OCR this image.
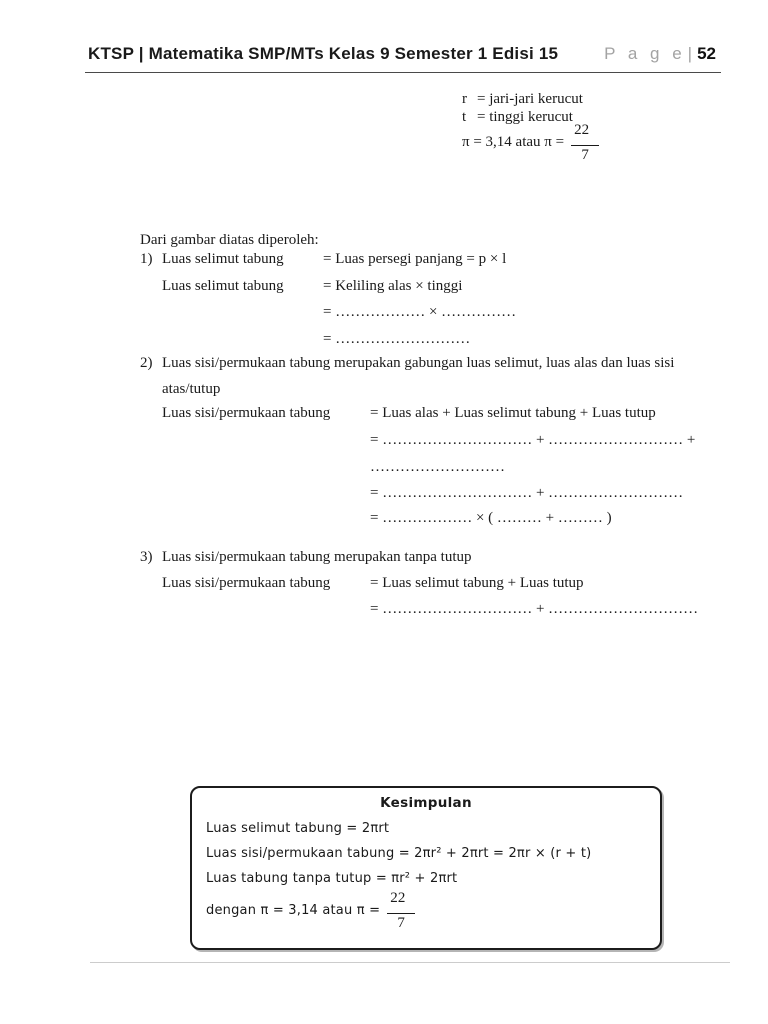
KTSP | Matematika SMP/MTs Kelas 9 Semester 1 Edisi 15	P a g e | 52
r = jari-jari kerucut
t = tinggi kerucut
π = 3,14 atau $\pi = \frac{22}{7}$
Dari gambar diatas diperoleh:
1) Luas selimut tabung	= Luas persegi panjang = p × l
Luas selimut tabung	= Keliling alas × tinggi
= ……………… × ……………
= ………………………
2) Luas sisi/permukaan tabung merupakan gabungan luas selimut, luas alas dan luas sisi
atas/tutup
Luas sisi/permukaan tabung	= Luas alas + Luas selimut tabung + Luas tutup
= ………………………… + ……………………… +
………………………
= ………………………… + ………………………
= ……………… × ( ……… + ……… )
3) Luas sisi/permukaan tabung merupakan tanpa tutup
Luas sisi/permukaan tabung	= Luas selimut tabung + Luas tutup
= ………………………… + …………………………
Kesimpulan
Luas selimut tabung = 2πrt
Luas sisi/permukaan tabung = 2πr² + 2πrt = 2πr × (r + t)
Luas tabung tanpa tutup = πr² + 2πrt
dengan π = 3,14 atau $\pi = \frac{22}{7}$
